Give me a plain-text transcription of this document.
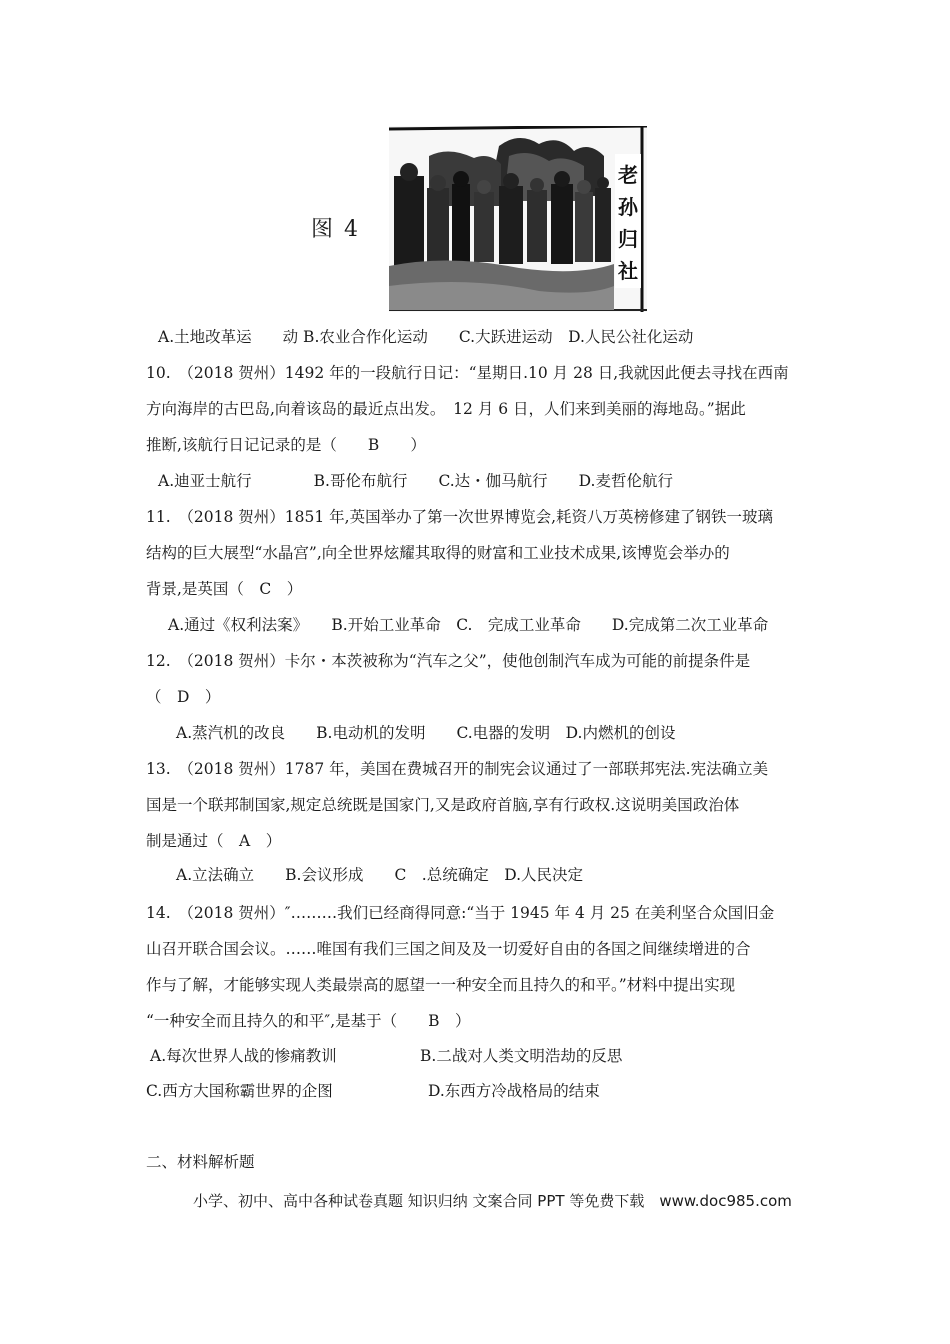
图 4
老
孙
归
社
A.土地改革运　　动 B.农业合作化运动　　C.大跃进运动　D.人民公社化运动
10.　（2018 贺州）1492 年的一段航行日记：“星期日.10 月 28 日,我就因此便去寻找在西南
方向海岸的古巴岛,向着该岛的最近点出发。　12 月 6 日，人们来到美丽的海地岛。”据此
推断,该航行日记记录的是（　　B　　）
A.迪亚士航行　　　　B.哥伦布航行　　C.达・伽马航行　　D.麦哲伦航行
11.　（2018 贺州）1851 年,英国举办了第一次世界博览会,耗资八万英榜修建了钢铁一玻璃
结构的巨大展型“水晶宫”,向全世界炫耀其取得的财富和工业技术成果,该博览会举办的
背景,是英国（　C　）
A.通过《权利法案》　　B.开始工业革命　C.　完成工业革命　　D.完成第二次工业革命
12.　（2018 贺州）卡尔・本茨被称为“汽车之父”，使他创制汽车成为可能的前提条件是
（　D　）
A.蒸汽机的改良　　B.电动机的发明　　C.电器的发明　D.内燃机的创设
13.　（2018 贺州）1787 年，美国在费城召开的制宪会议通过了一部联邦宪法.宪法确立美
国是一个联邦制国家,规定总统既是国家门,又是政府首脑,享有行政权.这说明美国政治体
制是通过（　A　）
A.立法确立　　B.会议形成　　C　.总统确定　D.人民决定
14.　（2018 贺州）″………我们已经商得同意:“当于 1945 年 4 月 25 在美利坚合众国旧金
山召开联合国会议。……唯国有我们三国之间及及一切爱好自由的各国之间继续增进的合
作与了解，才能够实现人类最崇高的愿望一一种安全而且持久的和平。”材料中提出实现
“一种安全而且持久的和平″,是基于（　　B　）
A.每次世界人战的惨痛教训	B.二战对人类文明浩劫的反思
C.西方大国称霸世界的企图	D.东西方冷战格局的结束
二、材料解析题
小学、初中、高中各种试卷真题 知识归纳 文案合同 PPT 等免费下载　www.doc985.com
